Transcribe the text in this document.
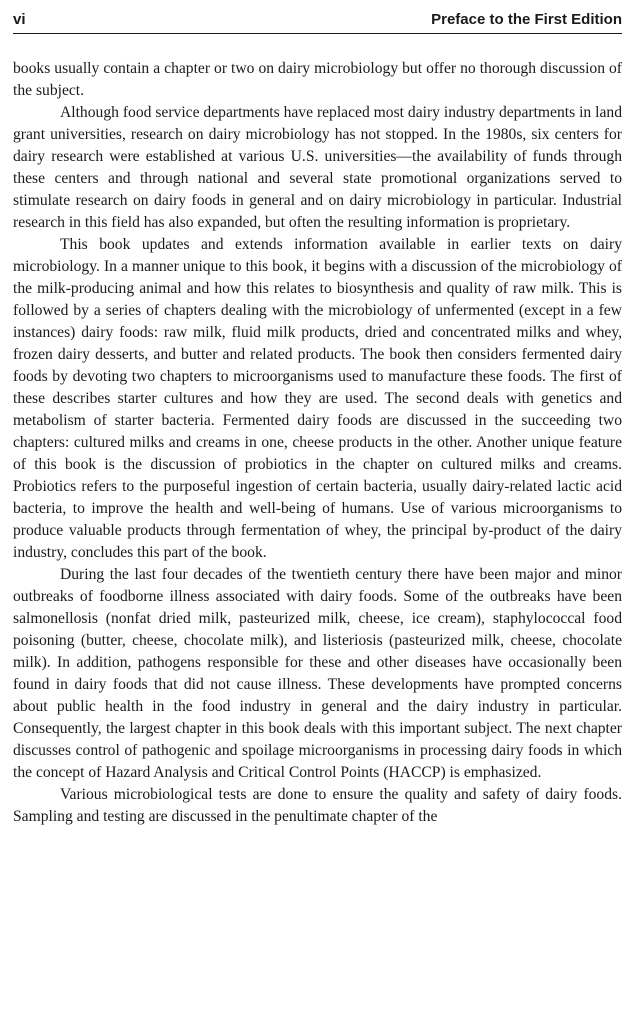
vi	Preface to the First Edition

books usually contain a chapter or two on dairy microbiology but offer no thorough discussion of the subject.

Although food service departments have replaced most dairy industry departments in land grant universities, research on dairy microbiology has not stopped. In the 1980s, six centers for dairy research were established at various U.S. universities—the availability of funds through these centers and through national and several state promotional organizations served to stimulate research on dairy foods in general and on dairy microbiology in particular. Industrial research in this field has also expanded, but often the resulting information is proprietary.

This book updates and extends information available in earlier texts on dairy microbiology. In a manner unique to this book, it begins with a discussion of the microbiology of the milk-producing animal and how this relates to biosynthesis and quality of raw milk. This is followed by a series of chapters dealing with the microbiology of unfermented (except in a few instances) dairy foods: raw milk, fluid milk products, dried and concentrated milks and whey, frozen dairy desserts, and butter and related products. The book then considers fermented dairy foods by devoting two chapters to microorganisms used to manufacture these foods. The first of these describes starter cultures and how they are used. The second deals with genetics and metabolism of starter bacteria. Fermented dairy foods are discussed in the succeeding two chapters: cultured milks and creams in one, cheese products in the other. Another unique feature of this book is the discussion of probiotics in the chapter on cultured milks and creams. Probiotics refers to the purposeful ingestion of certain bacteria, usually dairy-related lactic acid bacteria, to improve the health and well-being of humans. Use of various microorganisms to produce valuable products through fermentation of whey, the principal by-product of the dairy industry, concludes this part of the book.

During the last four decades of the twentieth century there have been major and minor outbreaks of foodborne illness associated with dairy foods. Some of the outbreaks have been salmonellosis (nonfat dried milk, pasteurized milk, cheese, ice cream), staphylococcal food poisoning (butter, cheese, chocolate milk), and listeriosis (pasteurized milk, cheese, chocolate milk). In addition, pathogens responsible for these and other diseases have occasionally been found in dairy foods that did not cause illness. These developments have prompted concerns about public health in the food industry in general and the dairy industry in particular. Consequently, the largest chapter in this book deals with this important subject. The next chapter discusses control of pathogenic and spoilage microorganisms in processing dairy foods in which the concept of Hazard Analysis and Critical Control Points (HACCP) is emphasized.

Various microbiological tests are done to ensure the quality and safety of dairy foods. Sampling and testing are discussed in the penultimate chapter of the
